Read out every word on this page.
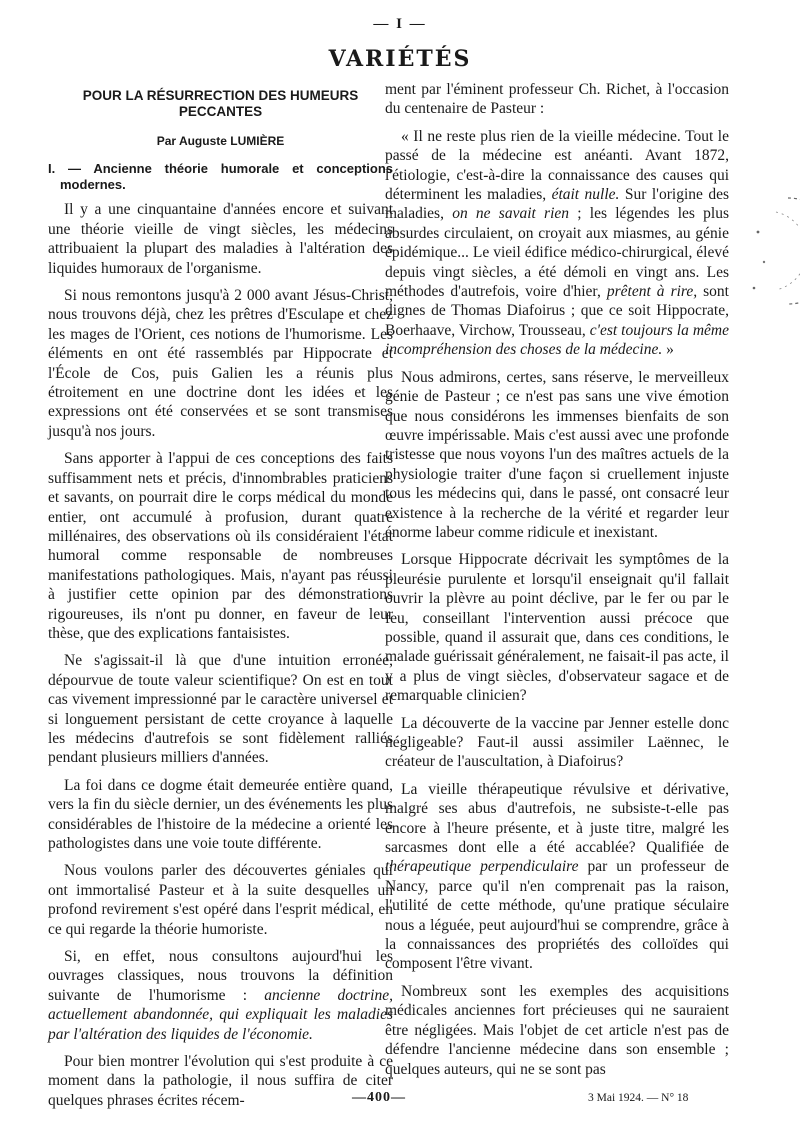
— I —
VARIÉTÉS
POUR LA RÉSURRECTION DES HUMEURS PECCANTES
Par Auguste LUMIÈRE
I. — Ancienne théorie humorale et conceptions modernes.

Il y a une cinquantaine d'années encore et suivant une théorie vieille de vingt siècles, les médecins attribuaient la plupart des maladies à l'altération des liquides humoraux de l'organisme.

Si nous remontons jusqu'à 2 000 avant Jésus-Christ, nous trouvons déjà, chez les prêtres d'Esculape et chez les mages de l'Orient, ces notions de l'humorisme. Les éléments en ont été rassemblés par Hippocrate et l'École de Cos, puis Galien les a réunis plus étroitement en une doctrine dont les idées et les expressions ont été conservées et se sont transmises jusqu'à nos jours.

Sans apporter à l'appui de ces conceptions des faits suffisamment nets et précis, d'innombrables praticiens et savants, on pourrait dire le corps médical du monde entier, ont accumulé à profusion, durant quatre millénaires, des observations où ils considéraient l'état humoral comme responsable de nombreuses manifestations pathologiques. Mais, n'ayant pas réussi à justifier cette opinion par des démonstrations rigoureuses, ils n'ont pu donner, en faveur de leur thèse, que des explications fantaisistes.

Ne s'agissait-il là que d'une intuition erronée, dépourvue de toute valeur scientifique? On est en tout cas vivement impressionné par le caractère universel et si longuement persistant de cette croyance à laquelle les médecins d'autrefois se sont fidèlement ralliés pendant plusieurs milliers d'années.

La foi dans ce dogme était demeurée entière quand, vers la fin du siècle dernier, un des événements les plus considérables de l'histoire de la médecine a orienté les pathologistes dans une voie toute différente.

Nous voulons parler des découvertes géniales qui ont immortalisé Pasteur et à la suite desquelles un profond revirement s'est opéré dans l'esprit médical, en ce qui regarde la théorie humoriste.

Si, en effet, nous consultons aujourd'hui les ouvrages classiques, nous trouvons la définition suivante de l'humorisme : ancienne doctrine, actuellement abandonnée, qui expliquait les maladies par l'altération des liquides de l'économie.

Pour bien montrer l'évolution qui s'est produite à ce moment dans la pathologie, il nous suffira de citer quelques phrases écrites récem-

ment par l'éminent professeur Ch. Richet, à l'occasion du centenaire de Pasteur :

« Il ne reste plus rien de la vieille médecine. Tout le passé de la médecine est anéanti. Avant 1872, l'étiologie, c'est-à-dire la connaissance des causes qui déterminent les maladies, était nulle. Sur l'origine des maladies, on ne savait rien ; les légendes les plus absurdes circulaient, on croyait aux miasmes, au génie épidémique... Le vieil édifice médico-chirurgical, élevé depuis vingt siècles, a été démoli en vingt ans. Les méthodes d'autrefois, voire d'hier, prêtent à rire, sont dignes de Thomas Diafoirus ; que ce soit Hippocrate, Boerhaave, Virchow, Trousseau, c'est toujours la même incompréhension des choses de la médecine. »

Nous admirons, certes, sans réserve, le merveilleux génie de Pasteur ; ce n'est pas sans une vive émotion que nous considérons les immenses bienfaits de son œuvre impérissable. Mais c'est aussi avec une profonde tristesse que nous voyons l'un des maîtres actuels de la physiologie traiter d'une façon si cruellement injuste tous les médecins qui, dans le passé, ont consacré leur existence à la recherche de la vérité et regarder leur énorme labeur comme ridicule et inexistant.

Lorsque Hippocrate décrivait les symptômes de la pleurésie purulente et lorsqu'il enseignait qu'il fallait ouvrir la plèvre au point déclive, par le fer ou par le feu, conseillant l'intervention aussi précoce que possible, quand il assurait que, dans ces conditions, le malade guérissait généralement, ne faisait-il pas acte, il y a plus de vingt siècles, d'observateur sagace et de remarquable clinicien?

La découverte de la vaccine par Jenner estelle donc négligeable? Faut-il aussi assimiler Laënnec, le créateur de l'auscultation, à Diafoirus?

La vieille thérapeutique révulsive et dérivative, malgré ses abus d'autrefois, ne subsiste-t-elle pas encore à l'heure présente, et à juste titre, malgré les sarcasmes dont elle a été accablée? Qualifiée de thérapeutique perpendiculaire par un professeur de Nancy, parce qu'il n'en comprenait pas la raison, l'utilité de cette méthode, qu'une pratique séculaire nous a léguée, peut aujourd'hui se comprendre, grâce à la connaissances des propriétés des colloïdes qui composent l'être vivant.

Nombreux sont les exemples des acquisitions médicales anciennes fort précieuses qui ne sauraient être négligées. Mais l'objet de cet article n'est pas de défendre l'ancienne médecine dans son ensemble ; quelques auteurs, qui ne se sont pas

—400—	3 Mai 1924. — N° 18
